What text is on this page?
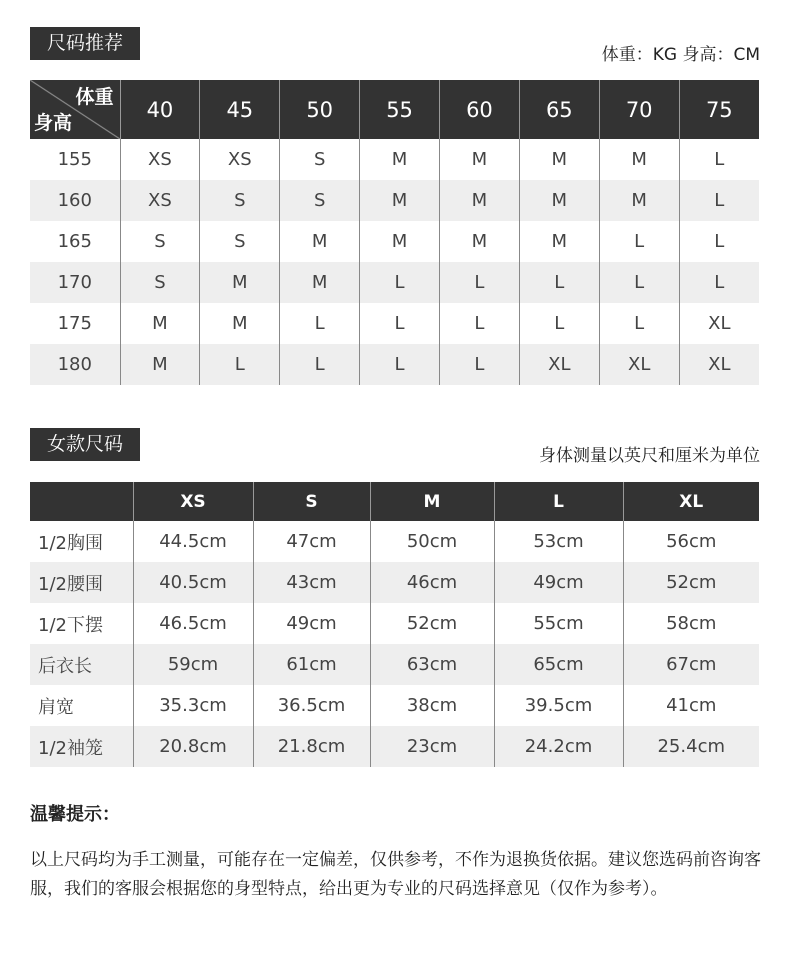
尺码推荐
体重：KG 身高：CM
体重
身高	40	45	50	55	60	65	70	75
155	XS	XS	S	M	M	M	M	L
160	XS	S	S	M	M	M	M	L
165	S	S	M	M	M	M	L	L
170	S	M	M	L	L	L	L	L
175	M	M	L	L	L	L	L	XL
180	M	L	L	L	L	XL	XL	XL
女款尺码
身体测量以英尺和厘米为单位
	XS	S	M	L	XL
1/2胸围	44.5cm	47cm	50cm	53cm	56cm
1/2腰围	40.5cm	43cm	46cm	49cm	52cm
1/2下摆	46.5cm	49cm	52cm	55cm	58cm
后衣长	59cm	61cm	63cm	65cm	67cm
肩宽	35.3cm	36.5cm	38cm	39.5cm	41cm
1/2袖笼	20.8cm	21.8cm	23cm	24.2cm	25.4cm
温馨提示：
以上尺码均为手工测量，可能存在一定偏差，仅供参考，不作为退换货依据。建议您选码前咨询客服，我们的客服会根据您的身型特点，给出更为专业的尺码选择意见（仅作为参考）。
